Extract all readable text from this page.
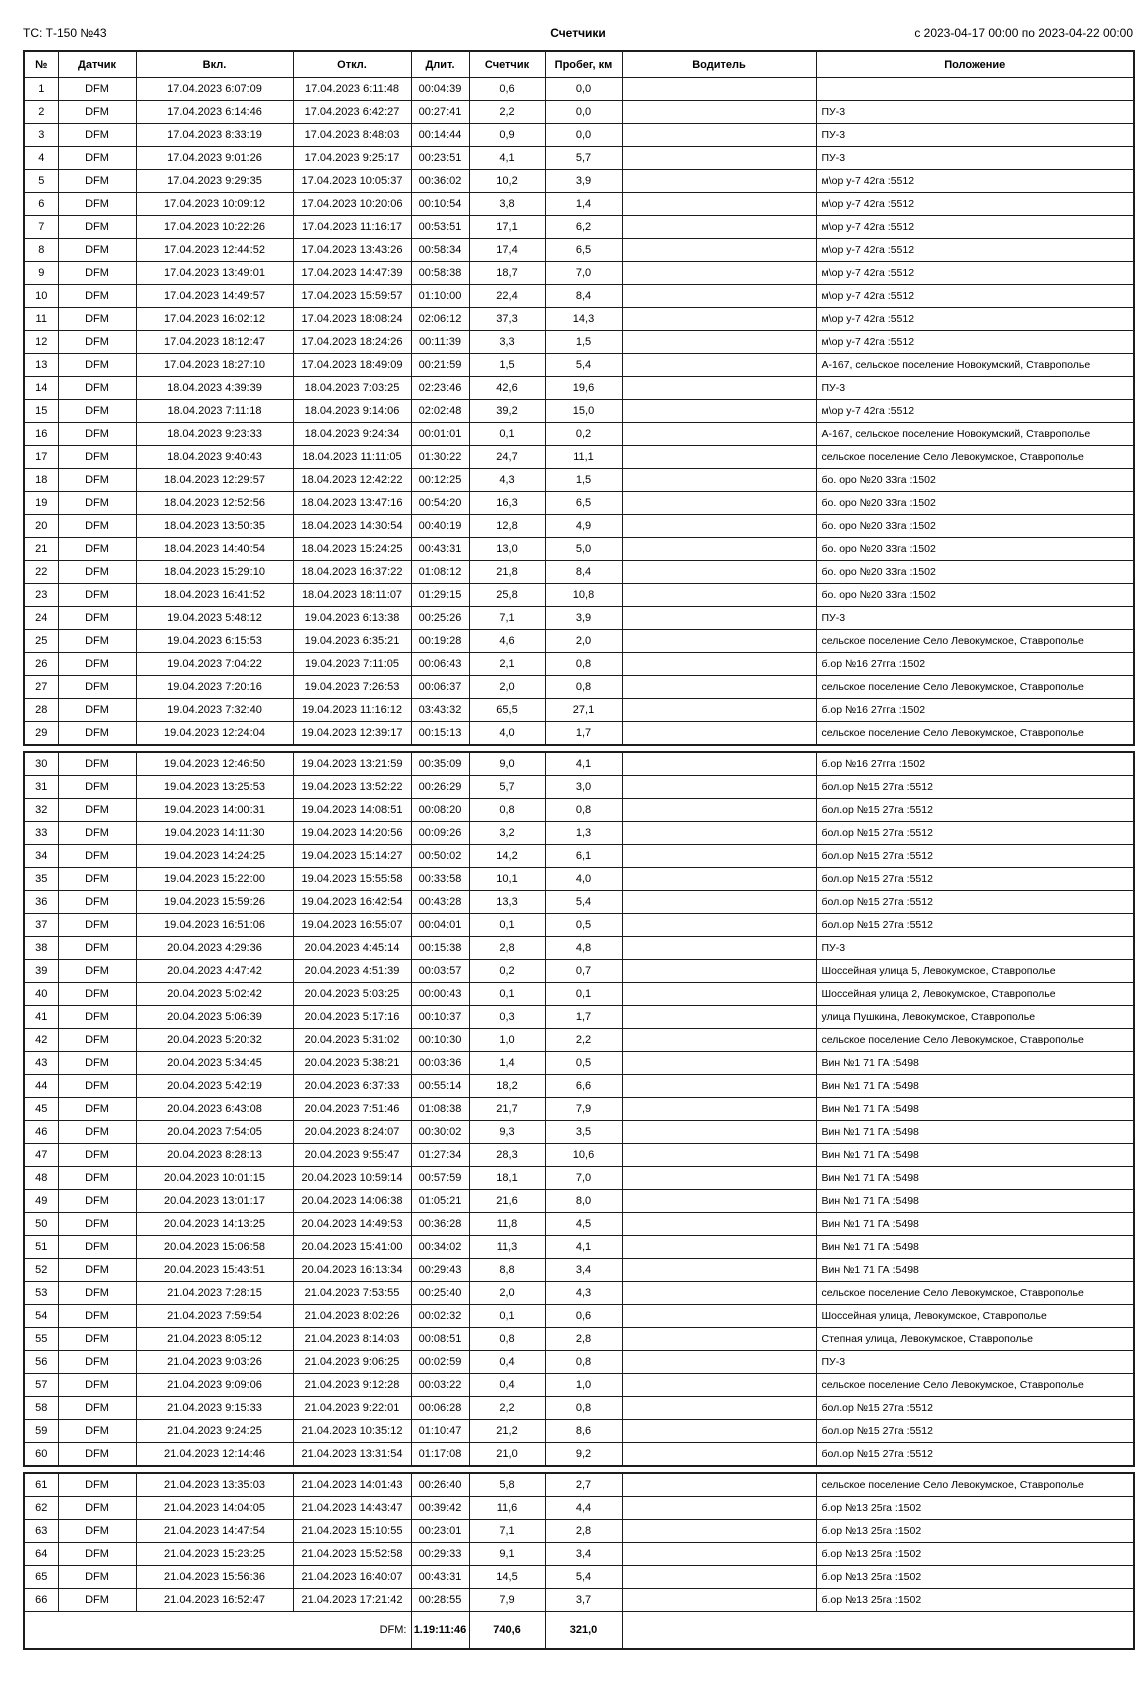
ТС: Т-150 №43	Счетчики	с 2023-04-17 00:00 по 2023-04-22 00:00
№	Датчик	Вкл.	Откл.	Длит.	Счетчик	Пробег, км	Водитель	Положение
1	DFM	17.04.2023 6:07:09	17.04.2023 6:11:48	00:04:39	0,6	0,0		
2	DFM	17.04.2023 6:14:46	17.04.2023 6:42:27	00:27:41	2,2	0,0		ПУ-3
3	DFM	17.04.2023 8:33:19	17.04.2023 8:48:03	00:14:44	0,9	0,0		ПУ-3
4	DFM	17.04.2023 9:01:26	17.04.2023 9:25:17	00:23:51	4,1	5,7		ПУ-3
5	DFM	17.04.2023 9:29:35	17.04.2023 10:05:37	00:36:02	10,2	3,9		м\ор у-7 42га :5512
6	DFM	17.04.2023 10:09:12	17.04.2023 10:20:06	00:10:54	3,8	1,4		м\ор у-7 42га :5512
7	DFM	17.04.2023 10:22:26	17.04.2023 11:16:17	00:53:51	17,1	6,2		м\ор у-7 42га :5512
8	DFM	17.04.2023 12:44:52	17.04.2023 13:43:26	00:58:34	17,4	6,5		м\ор у-7 42га :5512
9	DFM	17.04.2023 13:49:01	17.04.2023 14:47:39	00:58:38	18,7	7,0		м\ор у-7 42га :5512
10	DFM	17.04.2023 14:49:57	17.04.2023 15:59:57	01:10:00	22,4	8,4		м\ор у-7 42га :5512
11	DFM	17.04.2023 16:02:12	17.04.2023 18:08:24	02:06:12	37,3	14,3		м\ор у-7 42га :5512
12	DFM	17.04.2023 18:12:47	17.04.2023 18:24:26	00:11:39	3,3	1,5		м\ор у-7 42га :5512
13	DFM	17.04.2023 18:27:10	17.04.2023 18:49:09	00:21:59	1,5	5,4		А-167, сельское поселение Новокумский, Ставрополье
14	DFM	18.04.2023 4:39:39	18.04.2023 7:03:25	02:23:46	42,6	19,6		ПУ-3
15	DFM	18.04.2023 7:11:18	18.04.2023 9:14:06	02:02:48	39,2	15,0		м\ор у-7 42га :5512
16	DFM	18.04.2023 9:23:33	18.04.2023 9:24:34	00:01:01	0,1	0,2		А-167, сельское поселение Новокумский, Ставрополье
17	DFM	18.04.2023 9:40:43	18.04.2023 11:11:05	01:30:22	24,7	11,1		сельское поселение Село Левокумское, Ставрополье
18	DFM	18.04.2023 12:29:57	18.04.2023 12:42:22	00:12:25	4,3	1,5		бо. оро №20 33га :1502
19	DFM	18.04.2023 12:52:56	18.04.2023 13:47:16	00:54:20	16,3	6,5		бо. оро №20 33га :1502
20	DFM	18.04.2023 13:50:35	18.04.2023 14:30:54	00:40:19	12,8	4,9		бо. оро №20 33га :1502
21	DFM	18.04.2023 14:40:54	18.04.2023 15:24:25	00:43:31	13,0	5,0		бо. оро №20 33га :1502
22	DFM	18.04.2023 15:29:10	18.04.2023 16:37:22	01:08:12	21,8	8,4		бо. оро №20 33га :1502
23	DFM	18.04.2023 16:41:52	18.04.2023 18:11:07	01:29:15	25,8	10,8		бо. оро №20 33га :1502
24	DFM	19.04.2023 5:48:12	19.04.2023 6:13:38	00:25:26	7,1	3,9		ПУ-3
25	DFM	19.04.2023 6:15:53	19.04.2023 6:35:21	00:19:28	4,6	2,0		сельское поселение Село Левокумское, Ставрополье
26	DFM	19.04.2023 7:04:22	19.04.2023 7:11:05	00:06:43	2,1	0,8		б.ор №16 27гга :1502
27	DFM	19.04.2023 7:20:16	19.04.2023 7:26:53	00:06:37	2,0	0,8		сельское поселение Село Левокумское, Ставрополье
28	DFM	19.04.2023 7:32:40	19.04.2023 11:16:12	03:43:32	65,5	27,1		б.ор №16 27гга :1502
29	DFM	19.04.2023 12:24:04	19.04.2023 12:39:17	00:15:13	4,0	1,7		сельское поселение Село Левокумское, Ставрополье
30	DFM	19.04.2023 12:46:50	19.04.2023 13:21:59	00:35:09	9,0	4,1		б.ор №16 27гга :1502
31	DFM	19.04.2023 13:25:53	19.04.2023 13:52:22	00:26:29	5,7	3,0		бол.ор №15 27га :5512
32	DFM	19.04.2023 14:00:31	19.04.2023 14:08:51	00:08:20	0,8	0,8		бол.ор №15 27га :5512
33	DFM	19.04.2023 14:11:30	19.04.2023 14:20:56	00:09:26	3,2	1,3		бол.ор №15 27га :5512
34	DFM	19.04.2023 14:24:25	19.04.2023 15:14:27	00:50:02	14,2	6,1		бол.ор №15 27га :5512
35	DFM	19.04.2023 15:22:00	19.04.2023 15:55:58	00:33:58	10,1	4,0		бол.ор №15 27га :5512
36	DFM	19.04.2023 15:59:26	19.04.2023 16:42:54	00:43:28	13,3	5,4		бол.ор №15 27га :5512
37	DFM	19.04.2023 16:51:06	19.04.2023 16:55:07	00:04:01	0,1	0,5		бол.ор №15 27га :5512
38	DFM	20.04.2023 4:29:36	20.04.2023 4:45:14	00:15:38	2,8	4,8		ПУ-3
39	DFM	20.04.2023 4:47:42	20.04.2023 4:51:39	00:03:57	0,2	0,7		Шоссейная улица 5, Левокумское, Ставрополье
40	DFM	20.04.2023 5:02:42	20.04.2023 5:03:25	00:00:43	0,1	0,1		Шоссейная улица 2, Левокумское, Ставрополье
41	DFM	20.04.2023 5:06:39	20.04.2023 5:17:16	00:10:37	0,3	1,7		улица Пушкина, Левокумское, Ставрополье
42	DFM	20.04.2023 5:20:32	20.04.2023 5:31:02	00:10:30	1,0	2,2		сельское поселение Село Левокумское, Ставрополье
43	DFM	20.04.2023 5:34:45	20.04.2023 5:38:21	00:03:36	1,4	0,5		Вин №1 71 ГА :5498
44	DFM	20.04.2023 5:42:19	20.04.2023 6:37:33	00:55:14	18,2	6,6		Вин №1 71 ГА :5498
45	DFM	20.04.2023 6:43:08	20.04.2023 7:51:46	01:08:38	21,7	7,9		Вин №1 71 ГА :5498
46	DFM	20.04.2023 7:54:05	20.04.2023 8:24:07	00:30:02	9,3	3,5		Вин №1 71 ГА :5498
47	DFM	20.04.2023 8:28:13	20.04.2023 9:55:47	01:27:34	28,3	10,6		Вин №1 71 ГА :5498
48	DFM	20.04.2023 10:01:15	20.04.2023 10:59:14	00:57:59	18,1	7,0		Вин №1 71 ГА :5498
49	DFM	20.04.2023 13:01:17	20.04.2023 14:06:38	01:05:21	21,6	8,0		Вин №1 71 ГА :5498
50	DFM	20.04.2023 14:13:25	20.04.2023 14:49:53	00:36:28	11,8	4,5		Вин №1 71 ГА :5498
51	DFM	20.04.2023 15:06:58	20.04.2023 15:41:00	00:34:02	11,3	4,1		Вин №1 71 ГА :5498
52	DFM	20.04.2023 15:43:51	20.04.2023 16:13:34	00:29:43	8,8	3,4		Вин №1 71 ГА :5498
53	DFM	21.04.2023 7:28:15	21.04.2023 7:53:55	00:25:40	2,0	4,3		сельское поселение Село Левокумское, Ставрополье
54	DFM	21.04.2023 7:59:54	21.04.2023 8:02:26	00:02:32	0,1	0,6		Шоссейная улица, Левокумское, Ставрополье
55	DFM	21.04.2023 8:05:12	21.04.2023 8:14:03	00:08:51	0,8	2,8		Степная улица, Левокумское, Ставрополье
56	DFM	21.04.2023 9:03:26	21.04.2023 9:06:25	00:02:59	0,4	0,8		ПУ-3
57	DFM	21.04.2023 9:09:06	21.04.2023 9:12:28	00:03:22	0,4	1,0		сельское поселение Село Левокумское, Ставрополье
58	DFM	21.04.2023 9:15:33	21.04.2023 9:22:01	00:06:28	2,2	0,8		бол.ор №15 27га :5512
59	DFM	21.04.2023 9:24:25	21.04.2023 10:35:12	01:10:47	21,2	8,6		бол.ор №15 27га :5512
60	DFM	21.04.2023 12:14:46	21.04.2023 13:31:54	01:17:08	21,0	9,2		бол.ор №15 27га :5512
61	DFM	21.04.2023 13:35:03	21.04.2023 14:01:43	00:26:40	5,8	2,7		сельское поселение Село Левокумское, Ставрополье
62	DFM	21.04.2023 14:04:05	21.04.2023 14:43:47	00:39:42	11,6	4,4		б.ор №13 25га :1502
63	DFM	21.04.2023 14:47:54	21.04.2023 15:10:55	00:23:01	7,1	2,8		б.ор №13 25га :1502
64	DFM	21.04.2023 15:23:25	21.04.2023 15:52:58	00:29:33	9,1	3,4		б.ор №13 25га :1502
65	DFM	21.04.2023 15:56:36	21.04.2023 16:40:07	00:43:31	14,5	5,4		б.ор №13 25га :1502
66	DFM	21.04.2023 16:52:47	21.04.2023 17:21:42	00:28:55	7,9	3,7		б.ор №13 25га :1502
DFM:				1.19:11:46	740,6	321,0		
